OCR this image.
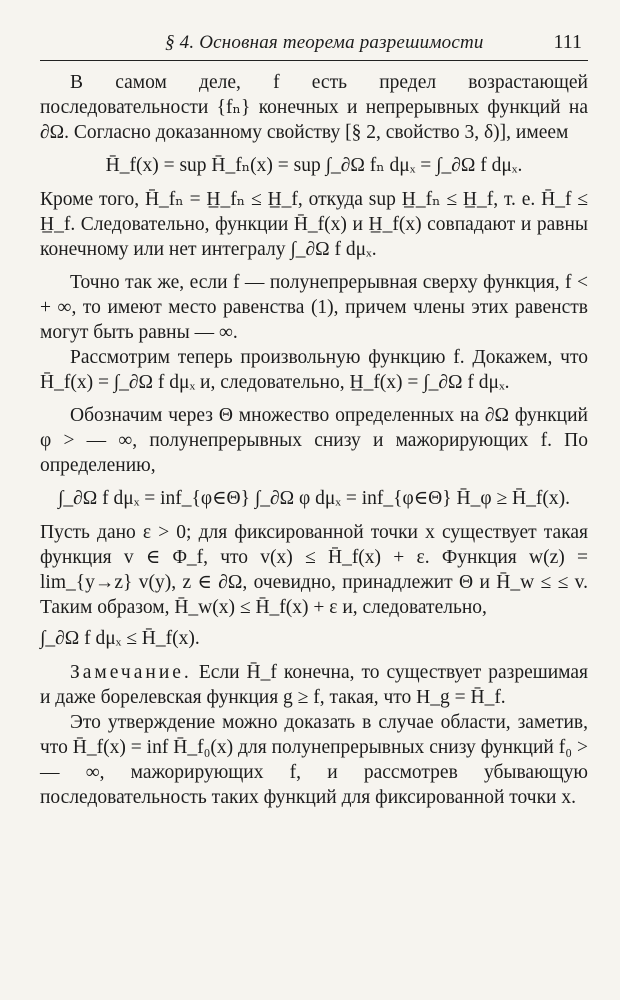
§ 4. Основная теорема разрешимости	111

В самом деле, f есть предел возрастающей последовательности {fₙ} конечных и непрерывных функций на ∂Ω. Согласно доказанному свойству [§ 2, свойство 3, δ)], имеем

H̄_f(x) = sup H̄_fₙ(x) = sup ∫_∂Ω fₙ dμₓ = ∫_∂Ω f dμₓ.

Кроме того, H̄_fₙ = H̲_fₙ ≤ H̲_f, откуда sup H̲_fₙ ≤ H̲_f, т. е. H̄_f ≤ H̲_f. Следовательно, функции H̄_f(x) и H̲_f(x) совпадают и равны конечному или нет интегралу ∫_∂Ω f dμₓ.

Точно так же, если f — полунепрерывная сверху функция, f < + ∞, то имеют место равенства (1), причем члены этих равенств могут быть равны — ∞.

Рассмотрим теперь произвольную функцию f. Докажем, что H̄_f(x) = ∫_∂Ω f dμₓ и, следовательно, H̲_f(x) = ∫_∂Ω f dμₓ.

Обозначим через Θ множество определенных на ∂Ω функций φ > — ∞, полунепрерывных снизу и мажорирующих f. По определению,

∫_∂Ω f dμₓ = inf_{φ∈Θ} ∫_∂Ω φ dμₓ = inf_{φ∈Θ} H̄_φ ≥ H̄_f(x).

Пусть дано ε > 0; для фиксированной точки x существует такая функция v ∈ Φ_f, что v(x) ≤ H̄_f(x) + ε. Функция w(z) = lim_{y→z} v(y), z ∈ ∂Ω, очевидно, принадлежит Θ и H̄_w ≤ ≤ v. Таким образом, H̄_w(x) ≤ H̄_f(x) + ε и, следовательно,

∫_∂Ω f dμₓ ≤ H̄_f(x).

Замечание. Если H̄_f конечна, то существует разрешимая и даже борелевская функция g ≥ f, такая, что H_g = H̄_f.

Это утверждение можно доказать в случае области, заметив, что H̄_f(x) = inf H̄_f₀(x) для полунепрерывных снизу функций f₀ > — ∞, мажорирующих f, и рассмотрев убывающую последовательность таких функций для фиксированной точки x.
